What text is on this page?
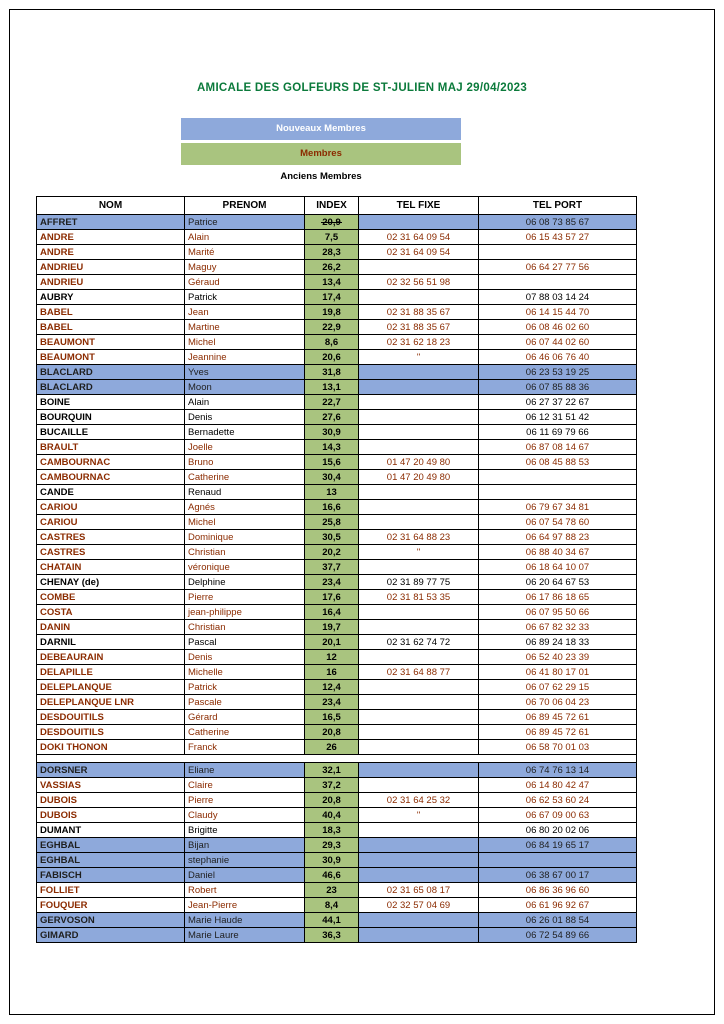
AMICALE DES GOLFEURS DE ST-JULIEN MAJ 29/04/2023
Nouveaux Membres
Membres
Anciens Membres
NOM	PRENOM	INDEX	TEL FIXE	TEL PORT
AFFRET	Patrice	20,9		06 08 73 85 67
ANDRE	Alain	7,5	02 31 64 09 54	06 15 43 57 27
ANDRE	Marité	28,3	02 31 64 09 54	
ANDRIEU	Maguy	26,2		06 64 27 77 56
ANDRIEU	Géraud	13,4	02 32 56 51 98	
AUBRY	Patrick	17,4		07 88 03 14 24
BABEL	Jean	19,8	02 31 88 35 67	06 14 15 44 70
BABEL	Martine	22,9	02 31 88 35 67	06 08 46 02 60
BEAUMONT	Michel	8,6	02 31 62 18 23	06 07 44 02 60
BEAUMONT	Jeannine	20,6	"	06 46 06 76 40
BLACLARD	Yves	31,8		06 23 53 19 25
BLACLARD	Moon	13,1		06 07 85 88 36
BOINE	Alain	22,7		06 27 37 22 67
BOURQUIN	Denis	27,6		06 12 31 51 42
BUCAILLE	Bernadette	30,9		06 11 69 79 66
BRAULT	Joelle	14,3		06 87 08 14 67
CAMBOURNAC	Bruno	15,6	01 47 20 49 80	06 08 45 88 53
CAMBOURNAC	Catherine	30,4	01 47 20 49 80	
CANDE	Renaud	13		
CARIOU	Agnés	16,6		06 79 67 34 81
CARIOU	Michel	25,8		06 07 54 78 60
CASTRES	Dominique	30,5	02 31 64 88 23	06 64 97 88 23
CASTRES	Christian	20,2	"	06 88 40 34 67
CHATAIN	véronique	37,7		06 18 64 10 07
CHENAY (de)	Delphine	23,4	02 31 89 77 75	06 20 64 67 53
COMBE	Pierre	17,6	02 31 81 53 35	06 17 86 18 65
COSTA	jean-philippe	16,4		06 07 95 50 66
DANIN	Christian	19,7		06 67 82 32 33
DARNIL	Pascal	20,1	02 31 62 74 72	06 89 24 18 33
DEBEAURAIN	Denis	12		06 52 40 23 39
DELAPILLE	Michelle	16	02 31 64 88 77	06 41 80 17 01
DELEPLANQUE	Patrick	12,4		06 07 62 29 15
DELEPLANQUE LNR	Pascale	23,4		06 70 06 04 23
DESDOUITILS	Gérard	16,5		06 89 45 72 61
DESDOUITILS	Catherine	20,8		06 89 45 72 61
DOKI THONON	Franck	26		06 58 70 01 03

DORSNER	Eliane	32,1		06 74 76 13 14
VASSIAS	Claire	37,2		06 14 80 42 47
DUBOIS	Pierre	20,8	02 31 64 25 32	06 62 53 60 24
DUBOIS	Claudy	40,4	"	06 67 09 00 63
DUMANT	Brigitte	18,3		06 80 20 02 06
EGHBAL	Bijan	29,3		06 84 19 65 17
EGHBAL	stephanie	30,9		
FABISCH	Daniel	46,6		06 38 67 00 17
FOLLIET	Robert	23	02 31 65 08 17	06 86 36 96 60
FOUQUER	Jean-Pierre	8,4	02 32 57 04 69	06 61 96 92 67
GERVOSON	Marie Haude	44,1		06 26 01 88 54
GIMARD	Marie Laure	36,3		06 72 54 89 66
